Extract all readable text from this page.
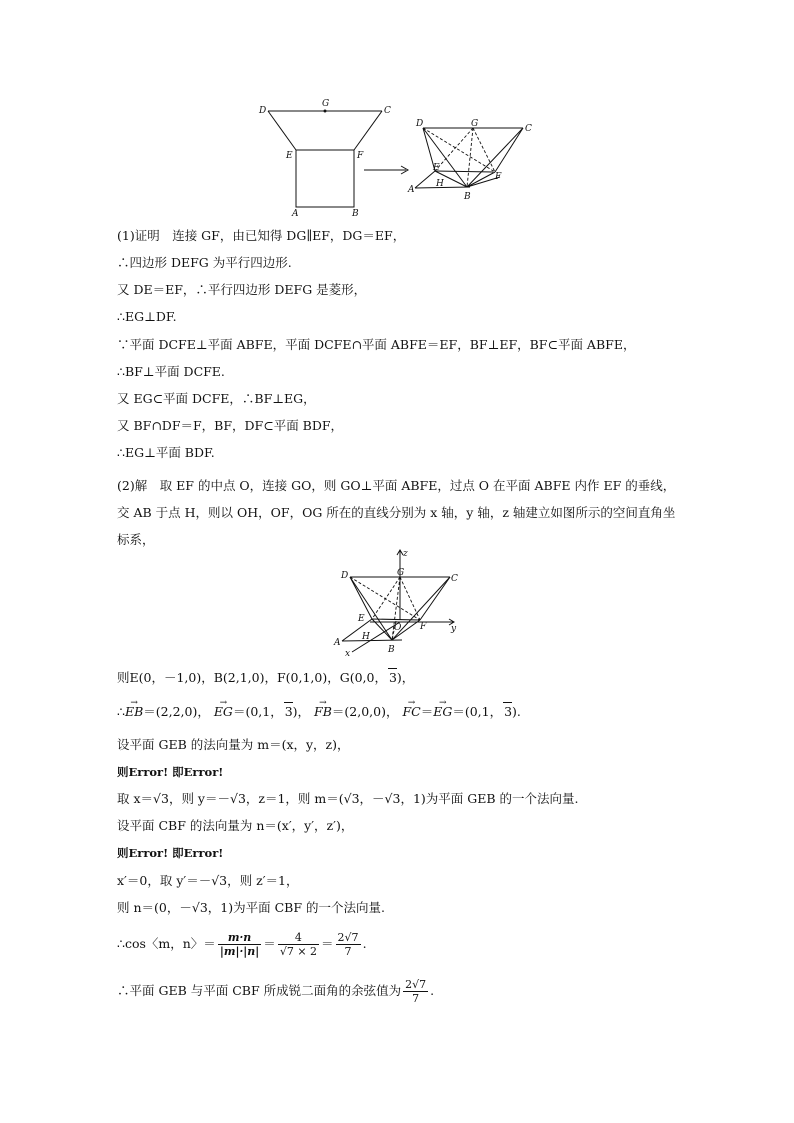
D
G
C
E	F
A	B
D	G	C
E
F
H
A
B
(1)证明　连接 GF，由已知得 DG∥EF，DG＝EF，
∴四边形 DEFG 为平行四边形.
又 DE＝EF，∴平行四边形 DEFG 是菱形，
∴EG⊥DF.
∵平面 DCFE⊥平面 ABFE，平面 DCFE∩平面 ABFE＝EF，BF⊥EF，BF⊂平面 ABFE，
∴BF⊥平面 DCFE.
又 EG⊂平面 DCFE，∴BF⊥EG，
又 BF∩DF＝F，BF，DF⊂平面 BDF，
∴EG⊥平面 BDF.
(2)解　取 EF 的中点 O，连接 GO，则 GO⊥平面 ABFE，过点 O 在平面 ABFE 内作 EF 的垂线，交 AB 于点 H，则以 OH，OF，OG 所在的直线分别为 x 轴，y 轴，z 轴建立如图所示的空间直角坐标系，
z
D	G
C
E
O F	y
H
A
B
x
则E(0，－1,0)，B(2,1,0)，F(0,1,0)，G(0,0， 3)，
∴→ EB＝(2,2,0)， → EG＝(0,1， 3)， → FB＝(2,0,0)， → FC＝→ EG＝(0,1， 3).
设平面 GEB 的法向量为 m＝(x，y，z)，
则Error! 即Error!
取 x＝√3，则 y＝－√3，z＝1，则 m＝(√3，－√3，1)为平面 GEB 的一个法向量.
设平面 CBF 的法向量为 n＝(x′，y′，z′)，
则Error! 即Error!
x′＝0，取 y′＝－√3，则 z′＝1，
则 n＝(0，－√3，1)为平面 CBF 的一个法向量.
∴cos〈m，n〉＝ $\frac{m\cdot n}{|m|\cdot|n|} = \frac{4}{√7 \times 2} = \frac{2√7}{7}$ .
∴平面 GEB 与平面 CBF 所成锐二面角的余弦值为 $\frac{2√7}{7}$ .
